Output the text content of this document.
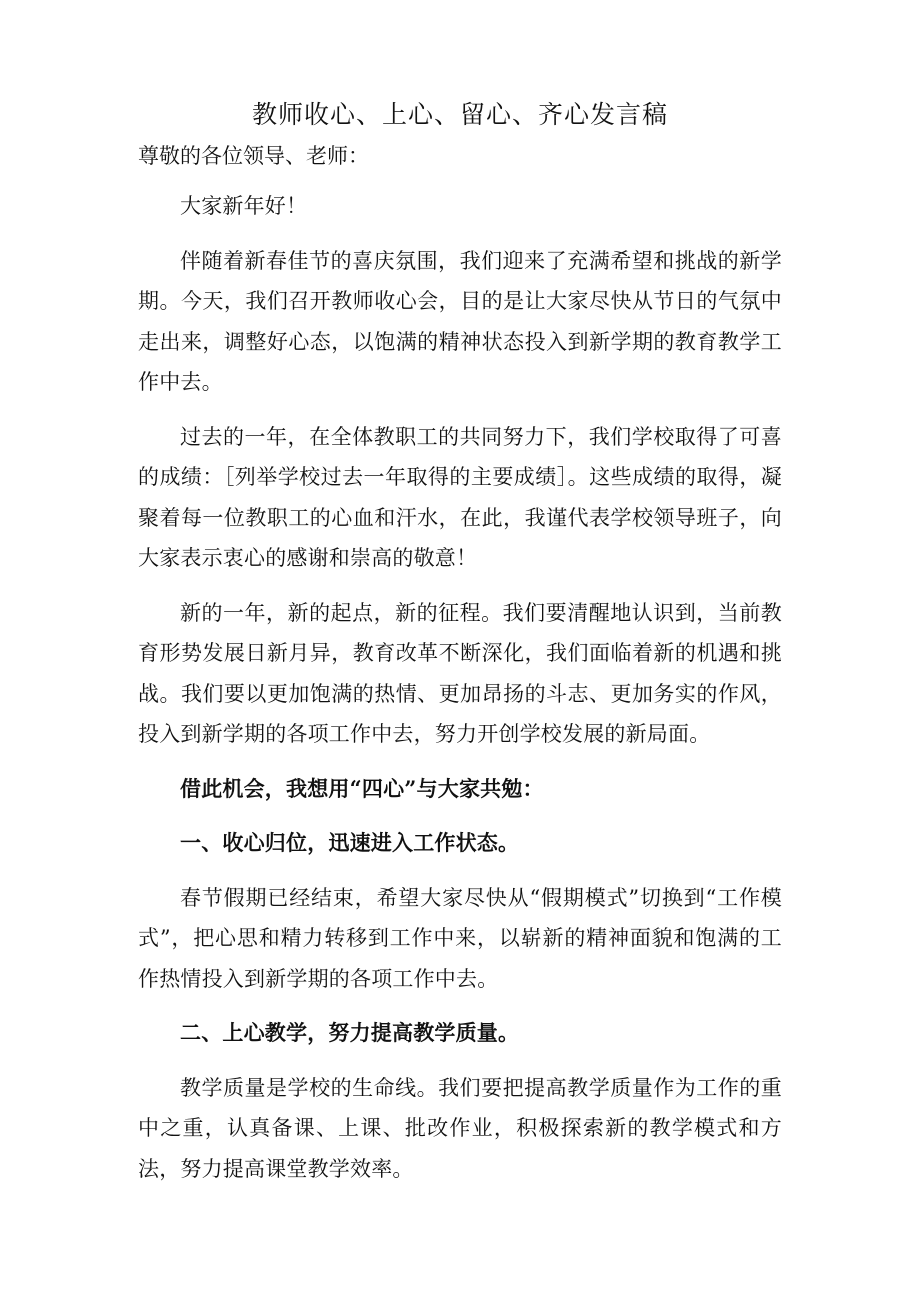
教师收心、上心、留心、齐心发言稿

尊敬的各位领导、老师：

大家新年好！

伴随着新春佳节的喜庆氛围，我们迎来了充满希望和挑战的新学期。今天，我们召开教师收心会，目的是让大家尽快从节日的气氛中走出来，调整好心态，以饱满的精神状态投入到新学期的教育教学工作中去。

过去的一年，在全体教职工的共同努力下，我们学校取得了可喜的成绩：［列举学校过去一年取得的主要成绩］。这些成绩的取得，凝聚着每一位教职工的心血和汗水，在此，我谨代表学校领导班子，向大家表示衷心的感谢和崇高的敬意！

新的一年，新的起点，新的征程。我们要清醒地认识到，当前教育形势发展日新月异，教育改革不断深化，我们面临着新的机遇和挑战。我们要以更加饱满的热情、更加昂扬的斗志、更加务实的作风，投入到新学期的各项工作中去，努力开创学校发展的新局面。

借此机会，我想用“四心”与大家共勉：

一、收心归位，迅速进入工作状态。

春节假期已经结束，希望大家尽快从“假期模式”切换到“工作模式”，把心思和精力转移到工作中来，以崭新的精神面貌和饱满的工作热情投入到新学期的各项工作中去。

二、上心教学，努力提高教学质量。

教学质量是学校的生命线。我们要把提高教学质量作为工作的重中之重，认真备课、上课、批改作业，积极探索新的教学模式和方法，努力提高课堂教学效率。
